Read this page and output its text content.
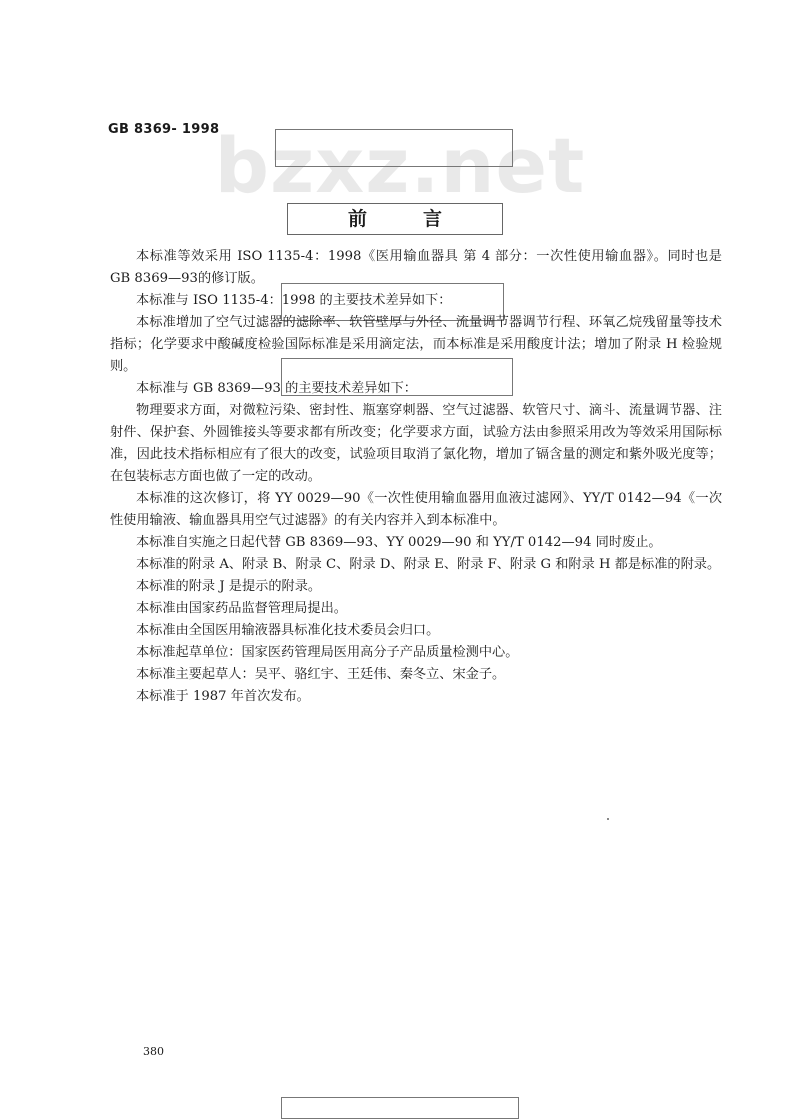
GB 8369- 1998
bzxz.net
前言

本标准等效采用 ISO 1135-4：1998《医用输血器具 第 4 部分：一次性使用输血器》。同时也是 GB 8369—93的修订版。

本标准与 ISO 1135-4：1998 的主要技术差异如下：

本标准增加了空气过滤器的滤除率、软管壁厚与外径、流量调节器调节行程、环氧乙烷残留量等技术指标；化学要求中酸碱度检验国际标准是采用滴定法，而本标准是采用酸度计法；增加了附录 H 检验规则。

本标准与 GB 8369—93 的主要技术差异如下：

物理要求方面，对微粒污染、密封性、瓶塞穿刺器、空气过滤器、软管尺寸、滴斗、流量调节器、注射件、保护套、外圆锥接头等要求都有所改变；化学要求方面，试验方法由参照采用改为等效采用国际标准，因此技术指标相应有了很大的改变，试验项目取消了氯化物，增加了镉含量的测定和紫外吸光度等；在包装标志方面也做了一定的改动。

本标准的这次修订，将 YY 0029—90《一次性使用输血器用血液过滤网》、YY/T 0142—94《一次性使用输液、输血器具用空气过滤器》的有关内容并入到本标准中。

本标准自实施之日起代替 GB 8369—93、YY 0029—90 和 YY/T 0142—94 同时废止。

本标准的附录 A、附录 B、附录 C、附录 D、附录 E、附录 F、附录 G 和附录 H 都是标准的附录。

本标准的附录 J 是提示的附录。

本标准由国家药品监督管理局提出。

本标准由全国医用输液器具标准化技术委员会归口。

本标准起草单位：国家医药管理局医用高分子产品质量检测中心。

本标准主要起草人：吴平、骆红宇、王廷伟、秦冬立、宋金子。

本标准于 1987 年首次发布。

380
